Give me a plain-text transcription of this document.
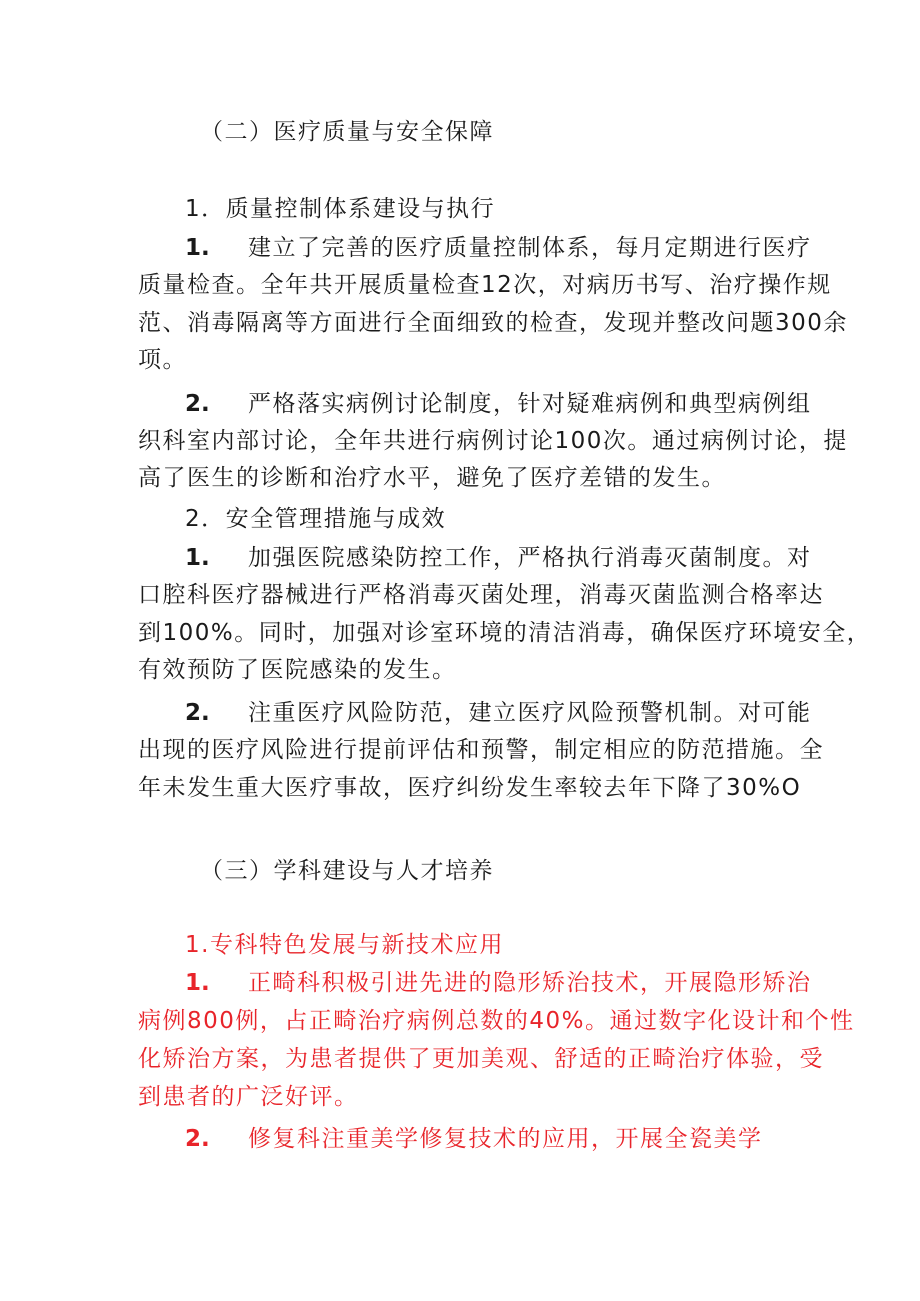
（二）医疗质量与安全保障
1．质量控制体系建设与执行
1. 建立了完善的医疗质量控制体系，每月定期进行医疗
质量检查。全年共开展质量检查12次，对病历书写、治疗操作规
范、消毒隔离等方面进行全面细致的检查，发现并整改问题300余
项。
2. 严格落实病例讨论制度，针对疑难病例和典型病例组
织科室内部讨论，全年共进行病例讨论100次。通过病例讨论，提
高了医生的诊断和治疗水平，避免了医疗差错的发生。
2．安全管理措施与成效
1. 加强医院感染防控工作，严格执行消毒灭菌制度。对
口腔科医疗器械进行严格消毒灭菌处理，消毒灭菌监测合格率达
到100%。同时，加强对诊室环境的清洁消毒，确保医疗环境安全，
有效预防了医院感染的发生。
2. 注重医疗风险防范，建立医疗风险预警机制。对可能
出现的医疗风险进行提前评估和预警，制定相应的防范措施。全
年未发生重大医疗事故，医疗纠纷发生率较去年下降了30%O
（三）学科建设与人才培养
1.专科特色发展与新技术应用
1. 正畸科积极引进先进的隐形矫治技术，开展隐形矫治
病例800例，占正畸治疗病例总数的40%。通过数字化设计和个性
化矫治方案，为患者提供了更加美观、舒适的正畸治疗体验，受
到患者的广泛好评。
2. 修复科注重美学修复技术的应用，开展全瓷美学
